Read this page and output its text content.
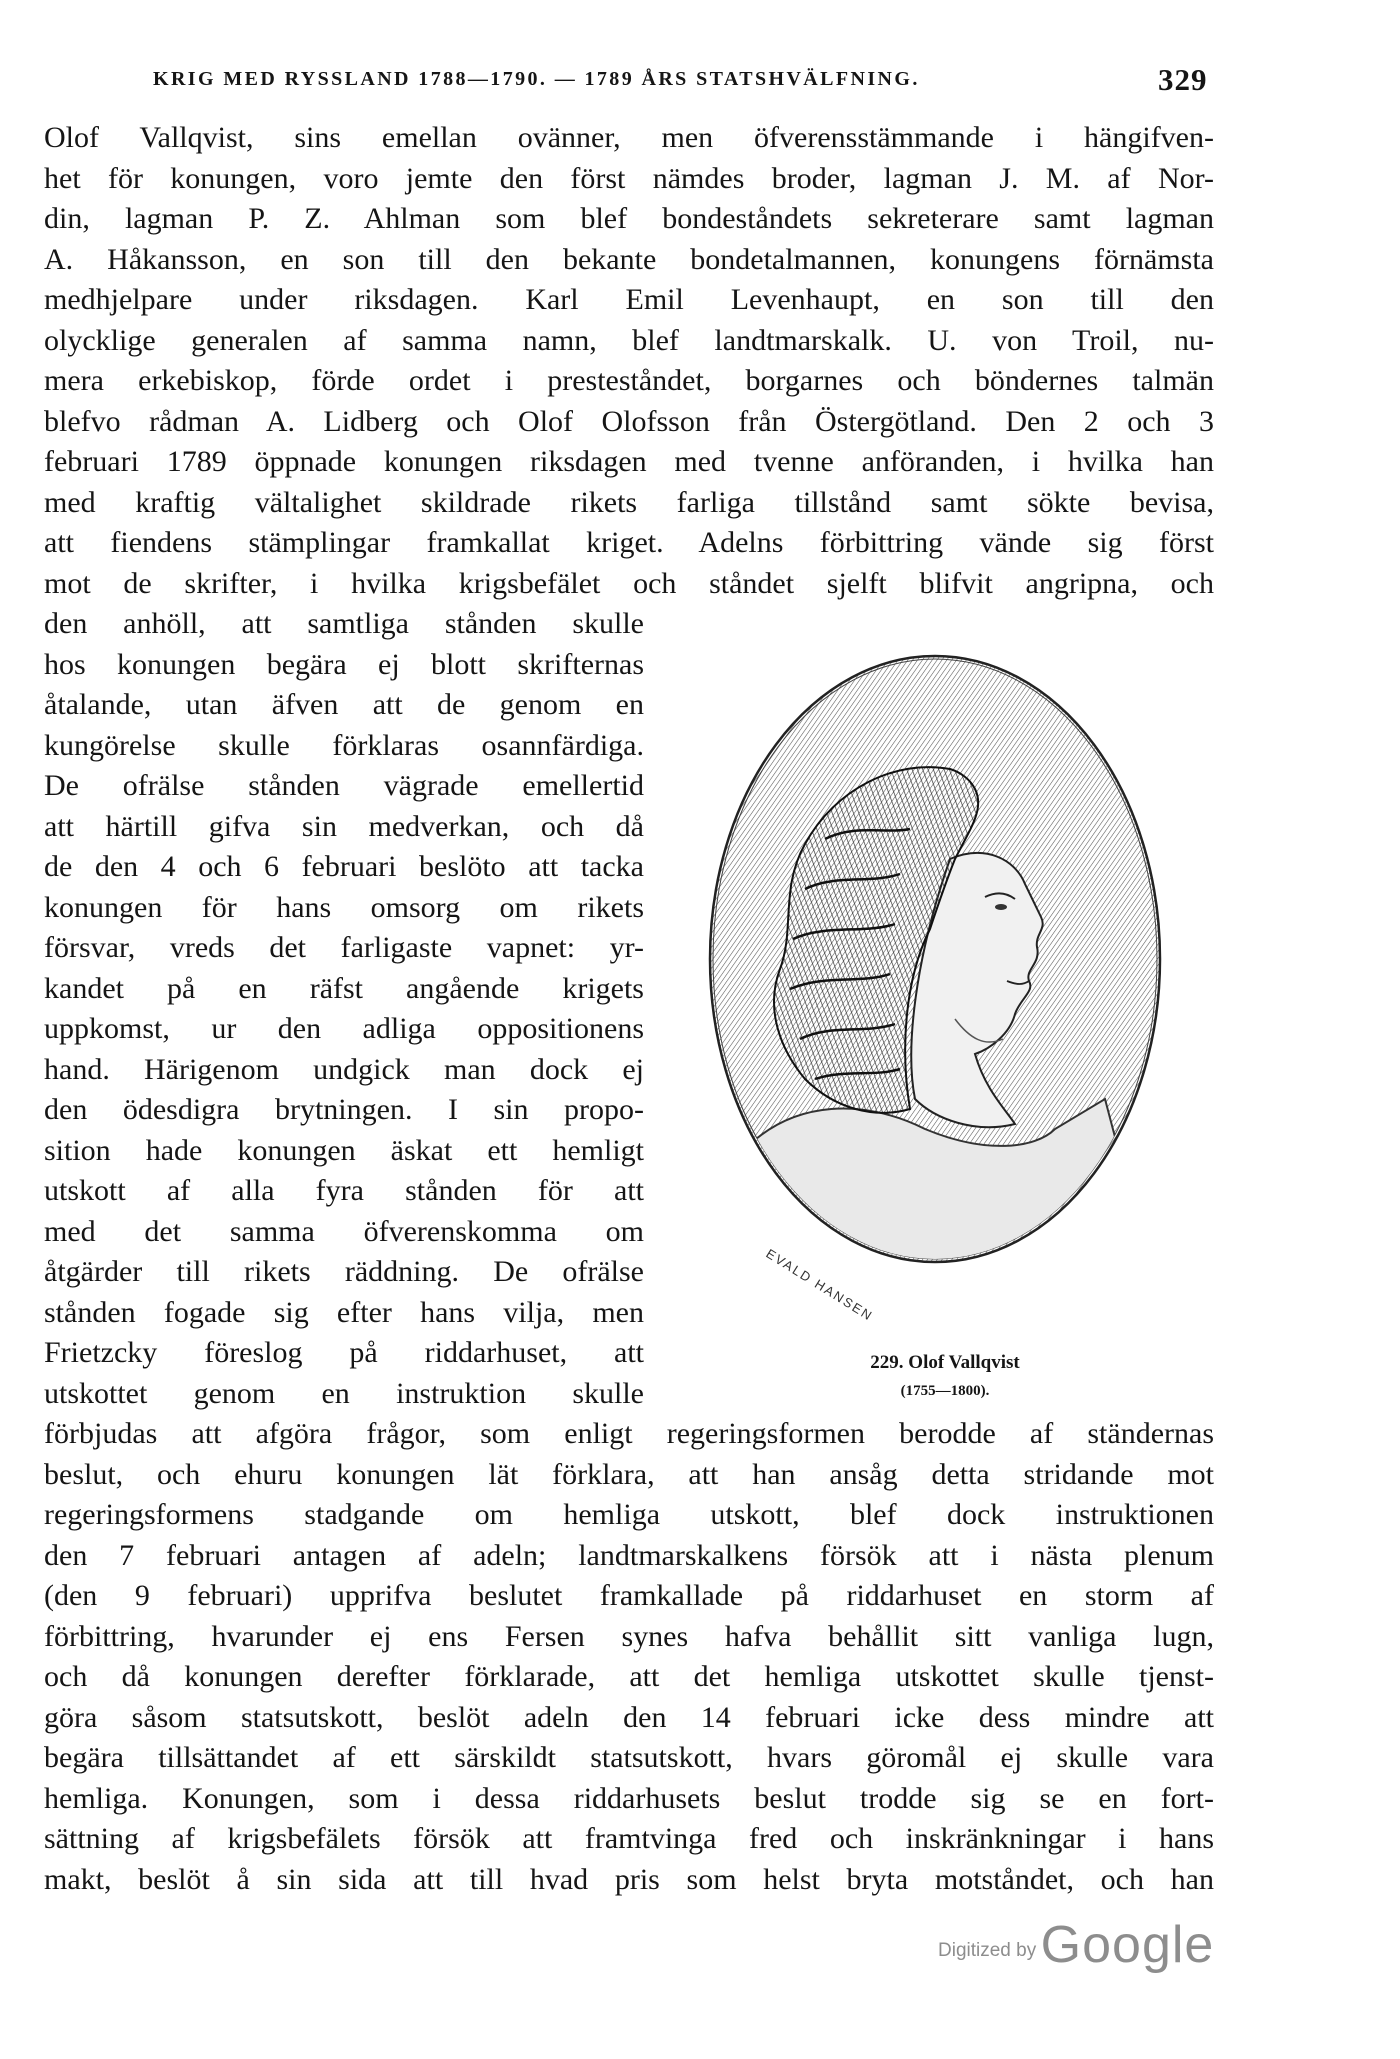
KRIG MED RYSSLAND 1788—1790. — 1789 ÅRS STATSHVÄLFNING.	329
Olof Vallqvist, sins emellan ovänner, men öfverensstämmande i hängifven-
het för konungen, voro jemte den först nämdes broder, lagman J. M. af Nor-
din, lagman P. Z. Ahlman som blef bondeståndets sekreterare samt lagman
A. Håkansson, en son till den bekante bondetalmannen, konungens förnämsta
medhjelpare under riksdagen. Karl Emil Levenhaupt, en son till den
olycklige generalen af samma namn, blef landtmarskalk. U. von Troil, nu-
mera erkebiskop, förde ordet i presteståndet, borgarnes och böndernes talmän
blefvo rådman A. Lidberg och Olof Olofsson från Östergötland. Den 2 och 3
februari 1789 öppnade konungen riksdagen med tvenne anföranden, i hvilka han
med kraftig vältalighet skildrade rikets farliga tillstånd samt sökte bevisa,
att fiendens stämplingar framkallat kriget. Adelns förbittring vände sig först
mot de skrifter, i hvilka krigsbefälet och ståndet sjelft blifvit angripna, och
den anhöll, att samtliga stånden skulle
hos konungen begära ej blott skrifternas
åtalande, utan äfven att de genom en
kungörelse skulle förklaras osannfärdiga.
De ofrälse stånden vägrade emellertid
att härtill gifva sin medverkan, och då
de den 4 och 6 februari beslöto att tacka
konungen för hans omsorg om rikets
försvar, vreds det farligaste vapnet: yr-
kandet på en räfst angående krigets
uppkomst, ur den adliga oppositionens
hand. Härigenom undgick man dock ej
den ödesdigra brytningen. I sin propo-
sition hade konungen äskat ett hemligt
utskott af alla fyra stånden för att
med det samma öfverenskomma om
åtgärder till rikets räddning. De ofrälse
stånden fogade sig efter hans vilja, men
Frietzcky föreslog på riddarhuset, att
utskottet genom en instruktion skulle
förbjudas att afgöra frågor, som enligt regeringsformen berodde af ständernas
beslut, och ehuru konungen lät förklara, att han ansåg detta stridande mot
regeringsformens stadgande om hemliga utskott, blef dock instruktionen
den 7 februari antagen af adeln; landtmarskalkens försök att i nästa plenum
(den 9 februari) upprifva beslutet framkallade på riddarhuset en storm af
förbittring, hvarunder ej ens Fersen synes hafva behållit sitt vanliga lugn,
och då konungen derefter förklarade, att det hemliga utskottet skulle tjenst-
göra såsom statsutskott, beslöt adeln den 14 februari icke dess mindre att
begära tillsättandet af ett särskildt statsutskott, hvars göromål ej skulle vara
hemliga. Konungen, som i dessa riddarhusets beslut trodde sig se en fort-
sättning af krigsbefälets försök att framtvinga fred och inskränkningar i hans
makt, beslöt å sin sida att till hvad pris som helst bryta motståndet, och han
EVALD HANSEN
229. Olof Vallqvist
(1755—1800).
Digitized by Google
